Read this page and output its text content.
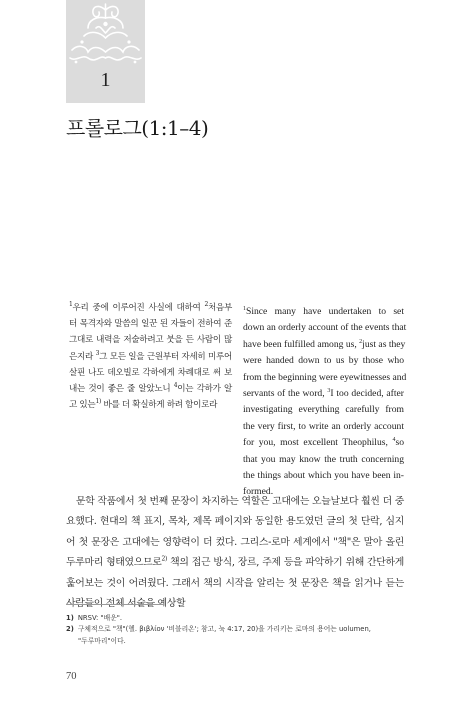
1
프롤로그(1:1–4)
$^1$우리 중에 이루어진 사실에 대하여 $^2$처음부터 목격자와 말씀의 일꾼 된 자들이 전하여 준 그대로 내력을 저술하려고 붓을 든 사람이 많은지라 $^3$그 모든 일을 근원부터 자세히 미루어 살핀 나도 데오빌로 각하에게 차례대로 써 보내는 것이 좋은 줄 알았노니 $^4$이는 각하가 알고 있는$^{1)}$ 바를 더 확실하게 하려 함이로라
$^1$Since many have undertaken to set
down an orderly account of the events that
have been fulfilled among us, $^2$just as they
were handed down to us by those who
from the beginning were eyewitnesses and
servants of the word, $^3$I too decided, after
investigating everything carefully from
the very first, to write an orderly account
for you, most excellent Theophilus, $^4$so
that you may know the truth concerning
the things about which you have been in-
formed.

문학 작품에서 첫 번째 문장이 차지하는 역할은 고대에는 오늘날보다 훨씬 더 중요했다. 현대의 책 표지, 목차, 제목 페이지와 동일한 용도였던 글의 첫 단락, 심지어 첫 문장은 고대에는 영향력이 더 컸다. 그리스-로마 세계에서 "책"은 말아 올린 두루마리 형태였으므로$^{2)}$ 책의 접근 방식, 장르, 주제 등을 파악하기 위해 간단하게 훑어보는 것이 어려웠다. 그래서 책의 시작을 알리는 첫 문장은 책을 읽거나 듣는 사람들이 전체 서술을 예상할

1) NRSV: "배운".
2) 구체적으로 "책"(헬. βιβλίον '비블리온'; 참고, 눅 4:17, 20)을 가리키는 로마의 용어는 uolumen,
"두루마리"이다.
70
